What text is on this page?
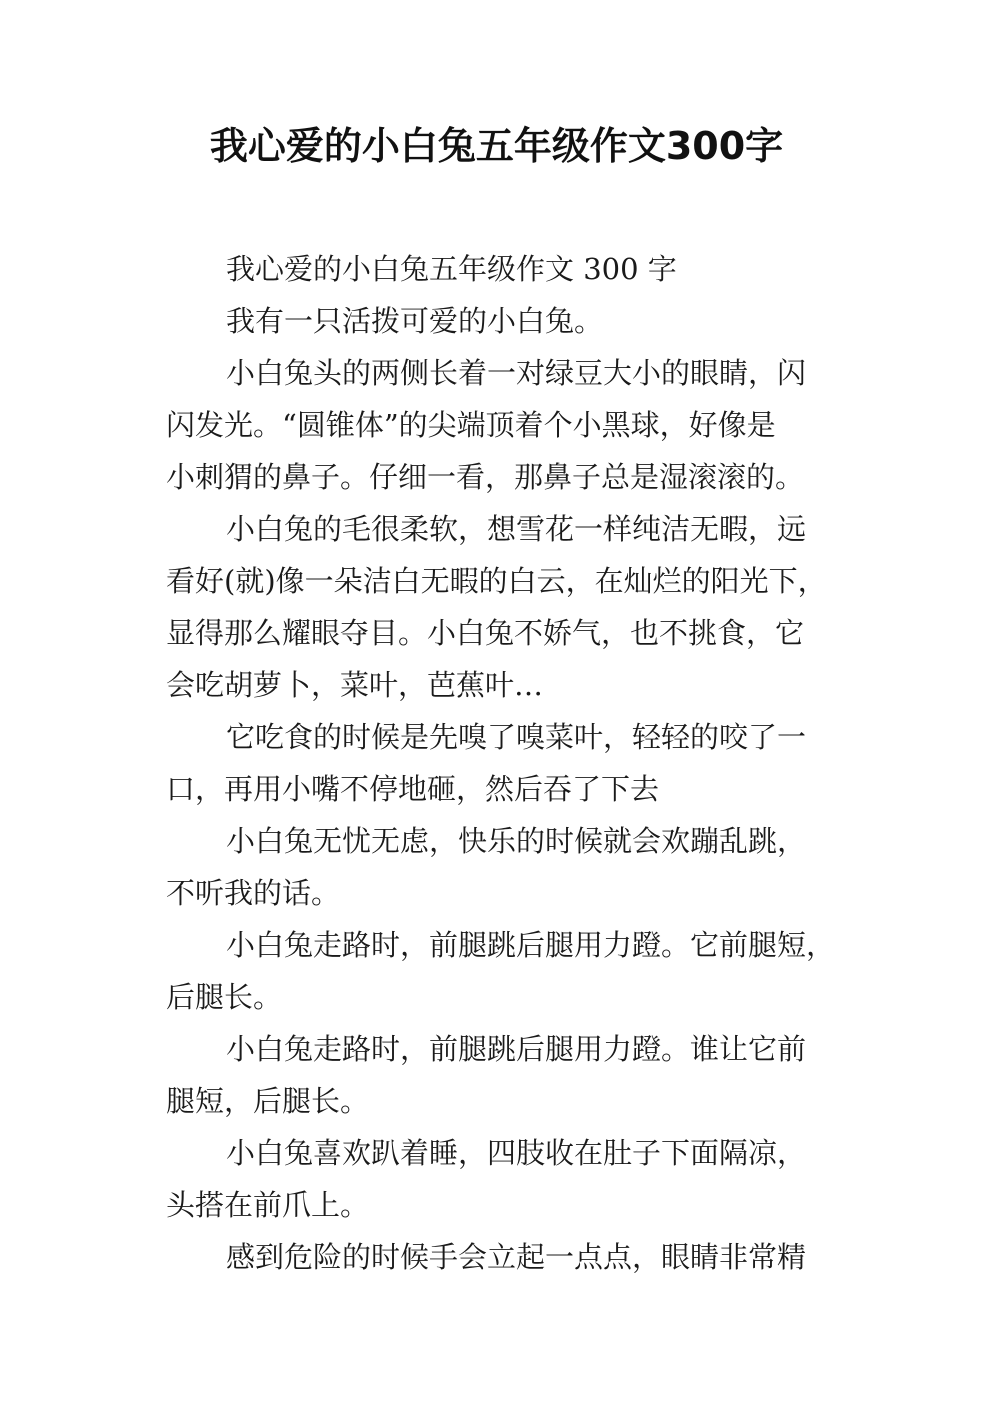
我心爱的小白兔五年级作文300字
我心爱的小白兔五年级作文 300 字
我有一只活拨可爱的小白兔。
小白兔头的两侧长着一对绿豆大小的眼睛，闪
闪发光。“圆锥体”的尖端顶着个小黑球，好像是
小刺猬的鼻子。仔细一看，那鼻子总是湿滚滚的。
小白兔的毛很柔软，想雪花一样纯洁无暇，远
看好(就)像一朵洁白无暇的白云，在灿烂的阳光下，
显得那么耀眼夺目。小白兔不娇气，也不挑食，它
会吃胡萝卜，菜叶，芭蕉叶…
它吃食的时候是先嗅了嗅菜叶，轻轻的咬了一
口，再用小嘴不停地砸，然后吞了下去
小白兔无忧无虑，快乐的时候就会欢蹦乱跳，
不听我的话。
小白兔走路时，前腿跳后腿用力蹬。它前腿短，
后腿长。
小白兔走路时，前腿跳后腿用力蹬。谁让它前
腿短，后腿长。
小白兔喜欢趴着睡，四肢收在肚子下面隔凉，
头搭在前爪上。
感到危险的时候手会立起一点点，眼睛非常精
